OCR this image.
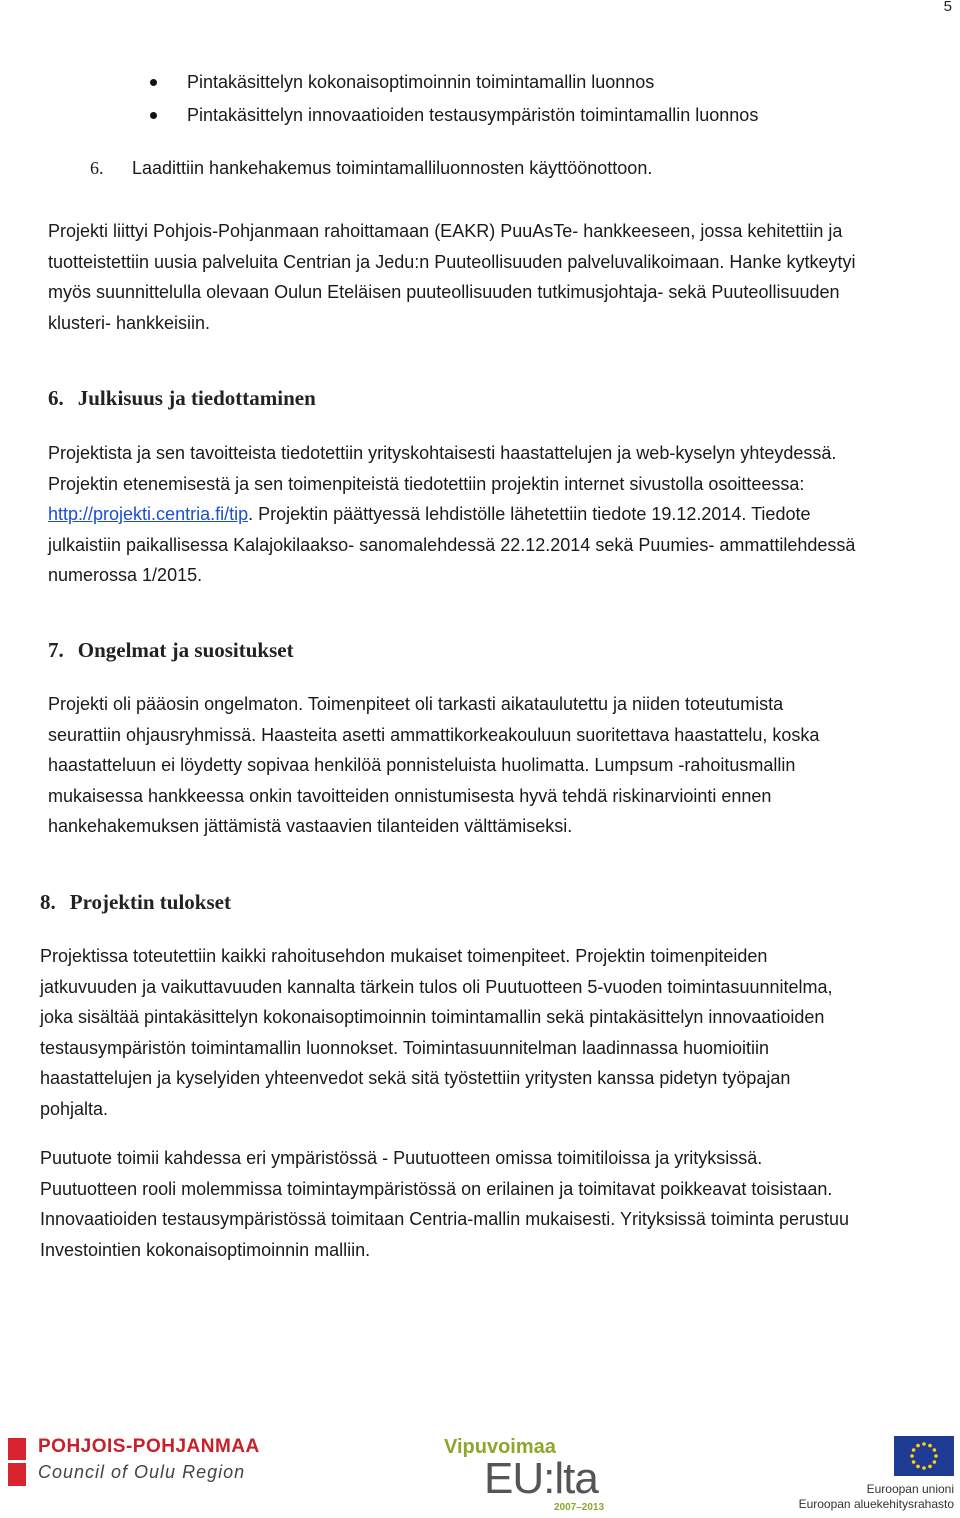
5
Pintakäsittelyn kokonaisoptimoinnin toimintamallin luonnos
Pintakäsittelyn innovaatioiden testausympäristön toimintamallin luonnos
6.	Laadittiin hankehakemus toimintamalliluonnosten käyttöönottoon.
Projekti liittyi Pohjois-Pohjanmaan rahoittamaan (EAKR) PuuAsTe- hankkeeseen, jossa kehitettiin ja
tuotteistettiin uusia palveluita Centrian ja Jedu:n Puuteollisuuden palveluvalikoimaan. Hanke kytkeytyi
myös suunnittelulla olevaan Oulun Eteläisen puuteollisuuden tutkimusjohtaja- sekä Puuteollisuuden
klusteri- hankkeisiin.
6. Julkisuus ja tiedottaminen
Projektista ja sen tavoitteista tiedotettiin yrityskohtaisesti haastattelujen ja web-kyselyn yhteydessä.
Projektin etenemisestä ja sen toimenpiteistä tiedotettiin projektin internet sivustolla osoitteessa:
http://projekti.centria.fi/tip. Projektin päättyessä lehdistölle lähetettiin tiedote 19.12.2014. Tiedote
julkaistiin paikallisessa Kalajokilaakso- sanomalehdessä 22.12.2014 sekä Puumies- ammattilehdessä
numerossa 1/2015.
7. Ongelmat ja suositukset
Projekti oli pääosin ongelmaton. Toimenpiteet oli tarkasti aikataulutettu ja niiden toteutumista
seurattiin ohjausryhmissä. Haasteita asetti ammattikorkeakouluun suoritettava haastattelu, koska
haastatteluun ei löydetty sopivaa henkilöä ponnisteluista huolimatta. Lumpsum -rahoitusmallin
mukaisessa hankkeessa onkin tavoitteiden onnistumisesta hyvä tehdä riskinarviointi ennen
hankehakemuksen jättämistä vastaavien tilanteiden välttämiseksi.
8. Projektin tulokset
Projektissa toteutettiin kaikki rahoitusehdon mukaiset toimenpiteet. Projektin toimenpiteiden
jatkuvuuden ja vaikuttavuuden kannalta tärkein tulos oli Puutuotteen 5-vuoden toimintasuunnitelma,
joka sisältää pintakäsittelyn kokonaisoptimoinnin toimintamallin sekä pintakäsittelyn innovaatioiden
testausympäristön toimintamallin luonnokset. Toimintasuunnitelman laadinnassa huomioitiin
haastattelujen ja kyselyiden yhteenvedot sekä sitä työstettiin yritysten kanssa pidetyn työpajan
pohjalta.
Puutuote toimii kahdessa eri ympäristössä - Puutuotteen omissa toimitiloissa ja yrityksissä.
Puutuotteen rooli molemmissa toimintaympäristössä on erilainen ja toimitavat poikkeavat toisistaan.
Innovaatioiden testausympäristössä toimitaan Centria-mallin mukaisesti. Yrityksissä toiminta perustuu
Investointien kokonaisoptimoinnin malliin.
POHJOIS-POHJANMAA
Council of Oulu Region
Vipuvoimaa
EU:lta
2007–2013
Euroopan unioni
Euroopan aluekehitysrahasto
